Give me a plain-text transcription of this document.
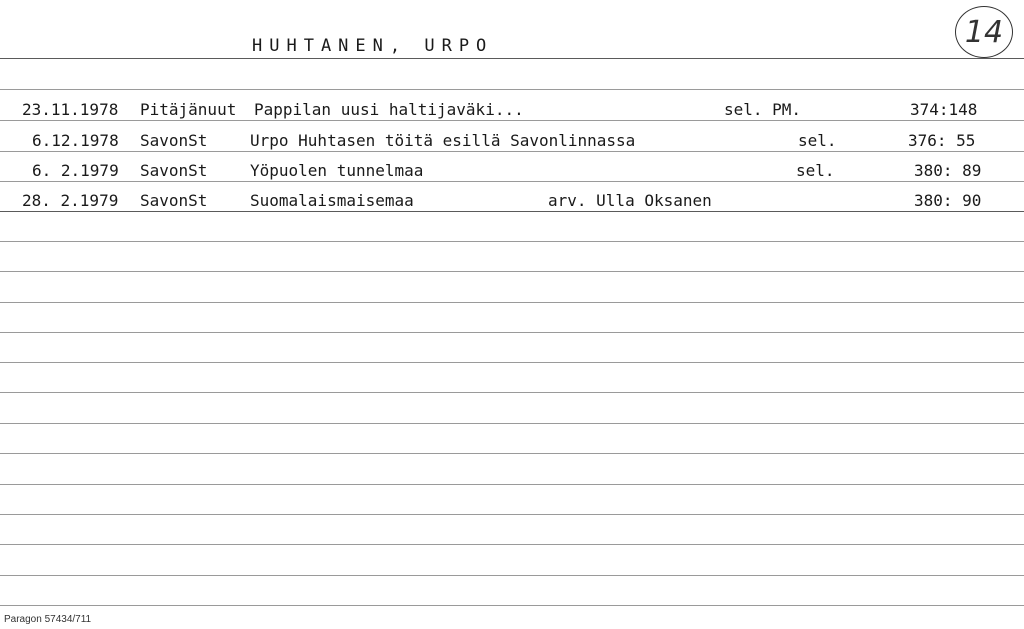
HUHTANEN, URPO	14
23.11.1978 Pitäjänuut Pappilan uusi haltijaväki...	sel. PM.	374:148
6.12.1978 SavonSt	Urpo Huhtasen töitä esillä Savonlinnassa	sel.	376: 55
6. 2.1979 SavonSt	Yöpuolen tunnelmaa	sel.	380: 89
28. 2.1979 SavonSt	Suomalaismaisemaa	arv. Ulla Oksanen	380: 90
Paragon 57434/711
